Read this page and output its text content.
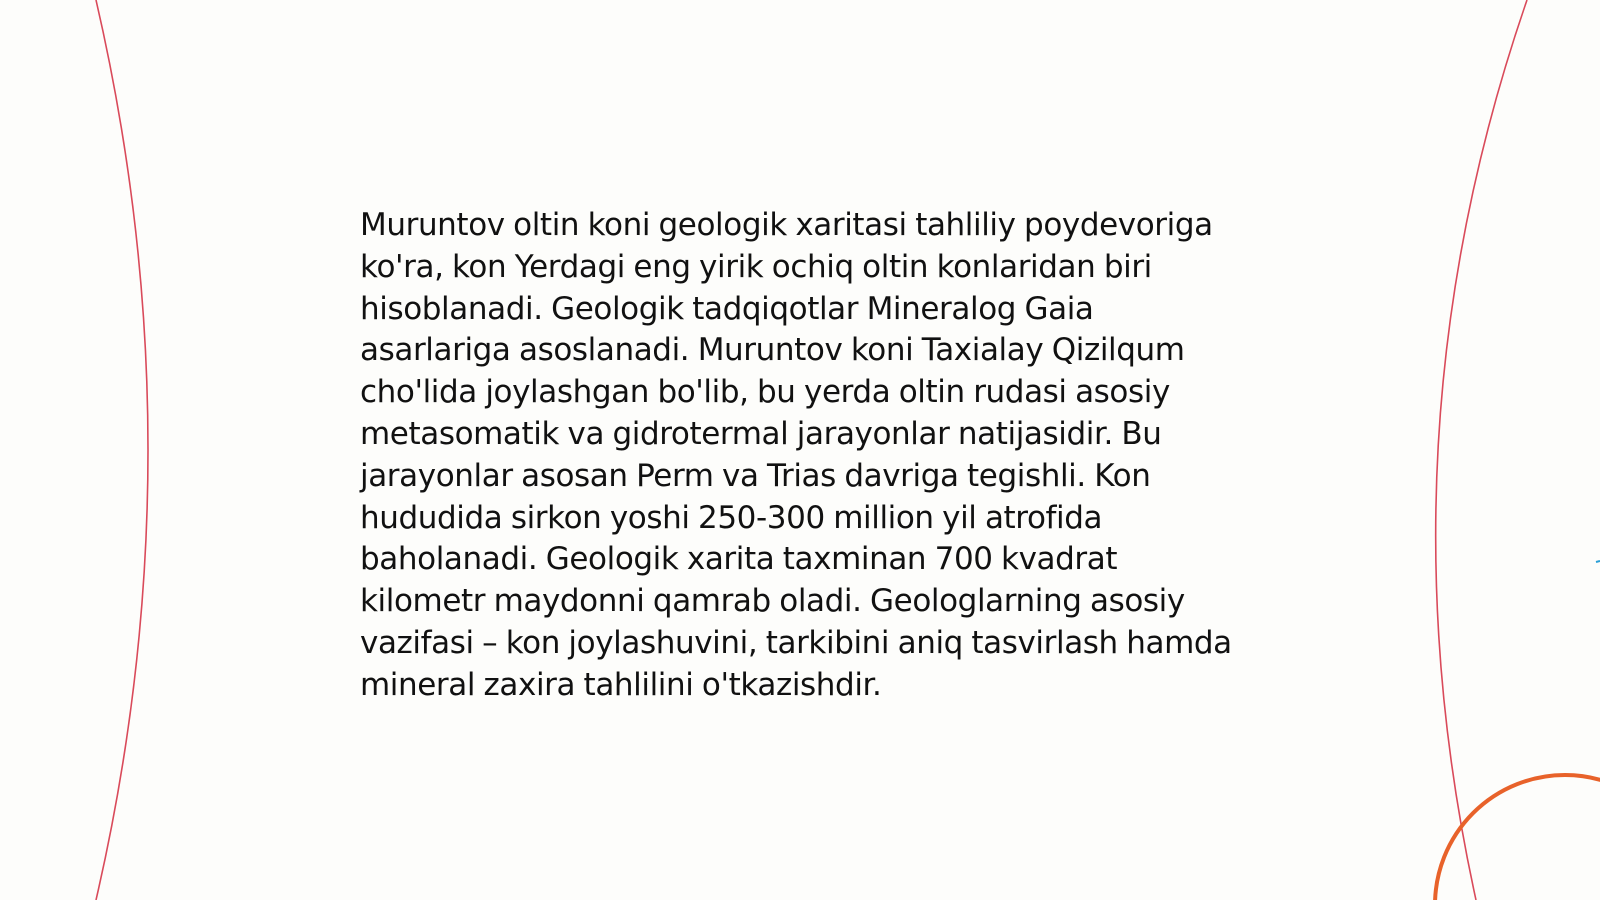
Muruntov oltin koni geologik xaritasi tahliliy poydevoriga ko'ra, kon Yerdagi eng yirik ochiq oltin konlaridan biri hisoblanadi. Geologik tadqiqotlar Mineralog Gaia asarlariga asoslanadi. Muruntov koni Taxialay Qizilqum cho'lida joylashgan bo'lib, bu yerda oltin rudasi asosiy metasomatik va gidrotermal jarayonlar natijasidir. Bu jarayonlar asosan Perm va Trias davriga tegishli. Kon hududida sirkon yoshi 250-300 million yil atrofida baholanadi. Geologik xarita taxminan 700 kvadrat kilometr maydonni qamrab oladi. Geologlarning asosiy vazifasi – kon joylashuvini, tarkibini aniq tasvirlash hamda mineral zaxira tahlilini o'tkazishdir.
